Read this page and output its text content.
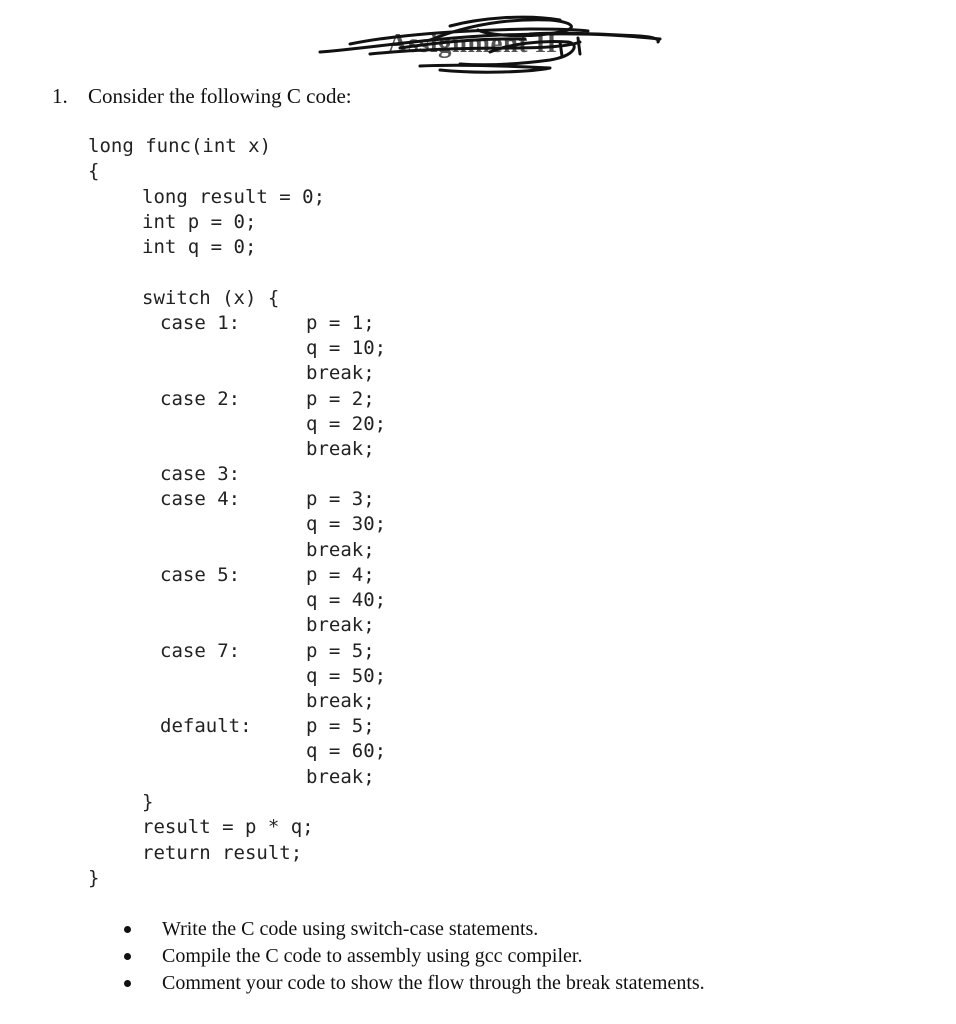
Assignment II
1. Consider the following C code:
long func(int x)
{
long result = 0;
int p = 0;
int q = 0;
switch (x) {
case 1:	p = 1;
q = 10;
break;
case 2:	p = 2;
q = 20;
break;
case 3:
case 4:	p = 3;
q = 30;
break;
case 5:	p = 4;
q = 40;
break;
case 7:	p = 5;
q = 50;
break;
default:	p = 5;
q = 60;
break;
}
result = p * q;
return result;
}
Write the C code using switch-case statements.
Compile the C code to assembly using gcc compiler.
Comment your code to show the flow through the break statements.
